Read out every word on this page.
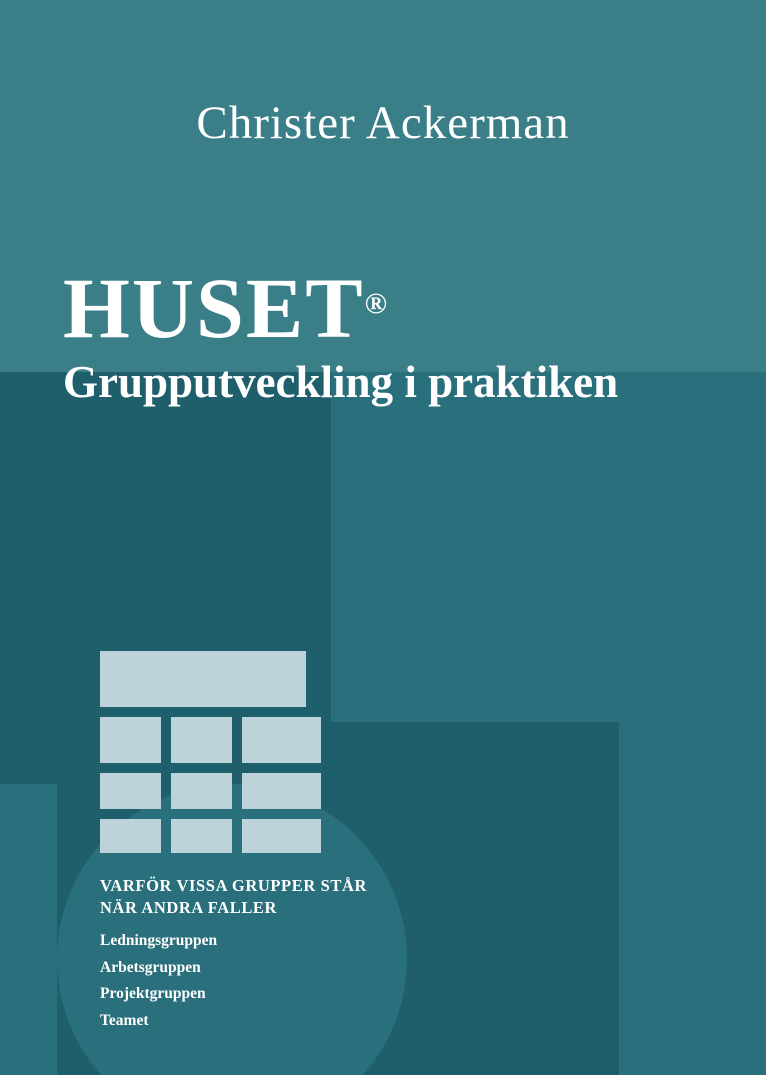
Christer Ackerman
HUSET®
Grupputveckling i praktiken
VARFÖR VISSA GRUPPER STÅR
NÄR ANDRA FALLER
Ledningsgruppen
Arbetsgruppen
Projektgruppen
Teamet
